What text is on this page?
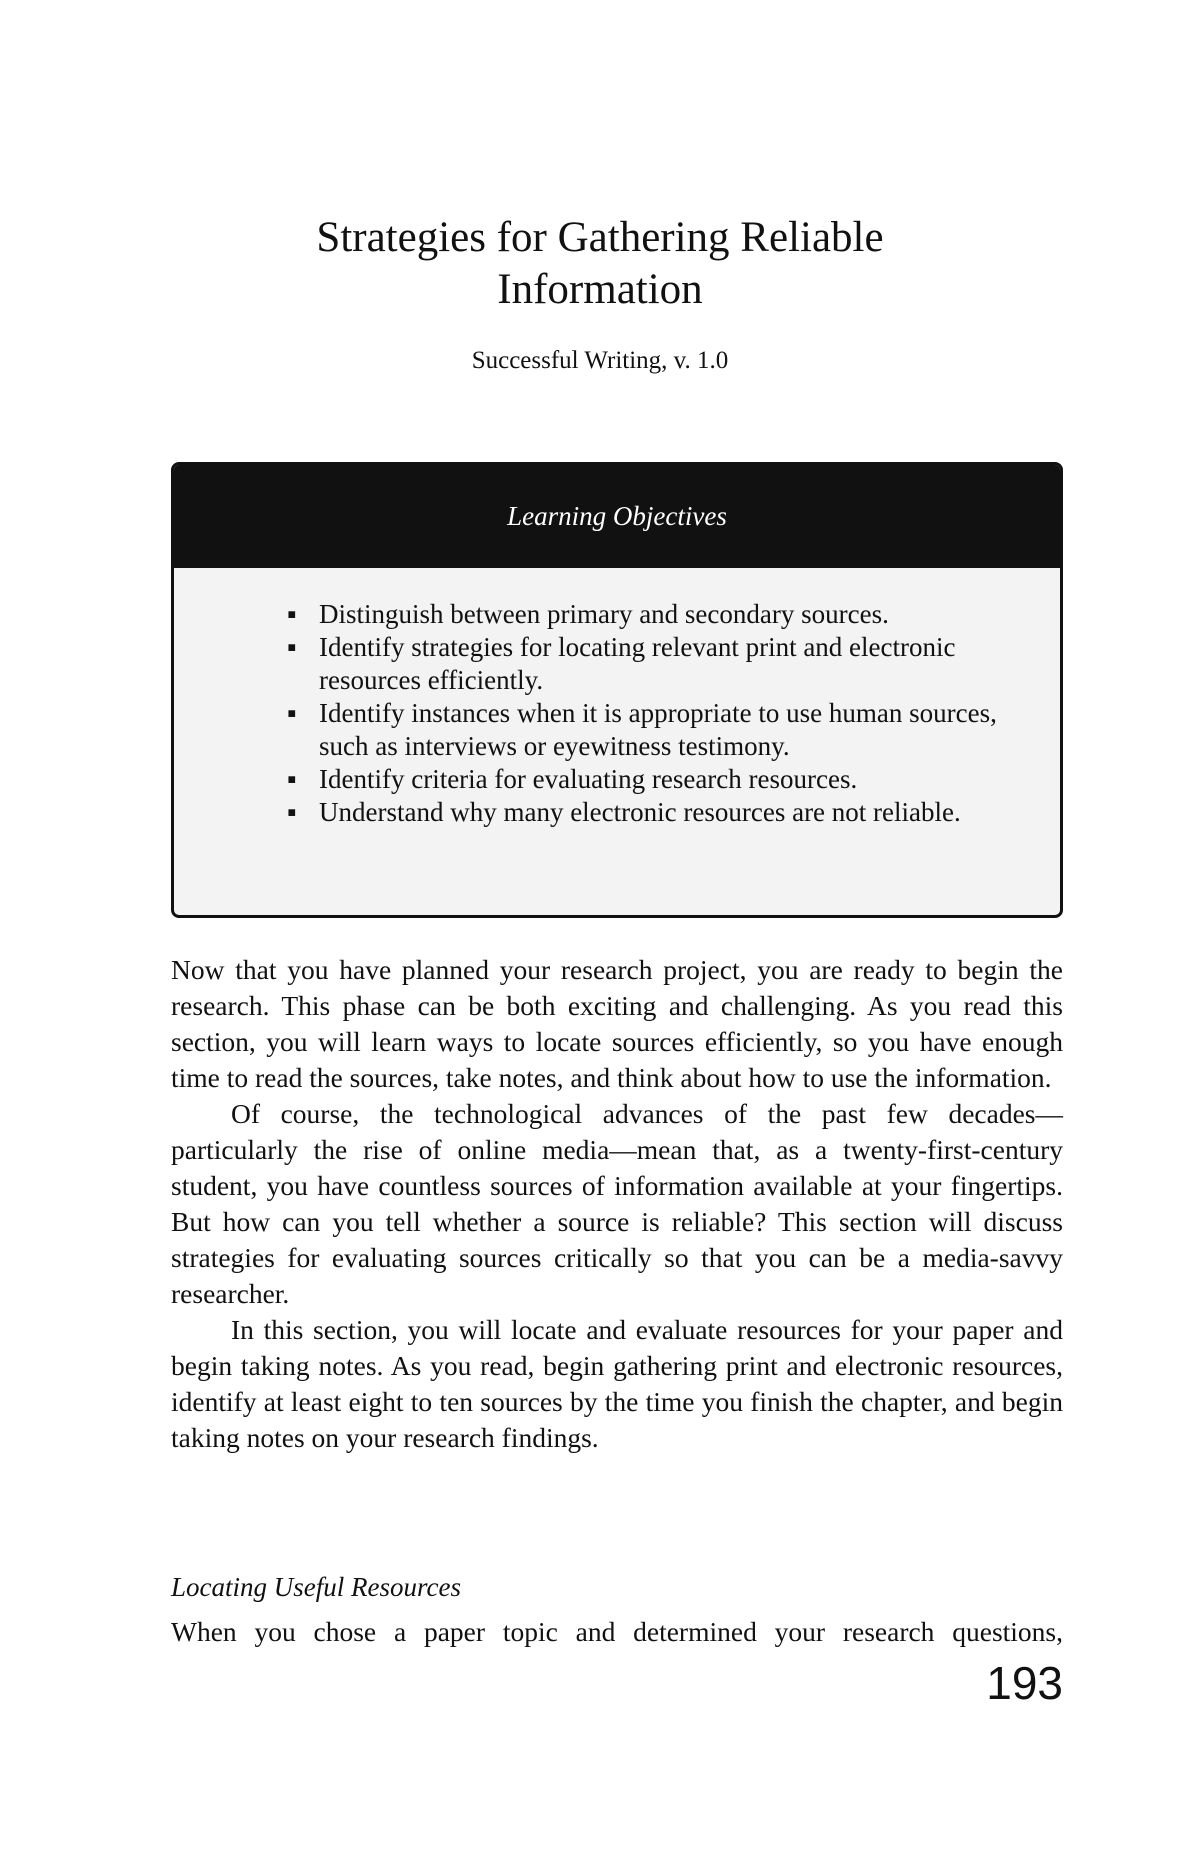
Strategies for Gathering Reliable
Information
Successful Writing, v. 1.0
Learning Objectives
▪ Distinguish between primary and secondary sources.
▪ Identify strategies for locating relevant print and electronic resources efficiently.
▪ Identify instances when it is appropriate to use human sources, such as interviews or eyewitness testimony.
▪ Identify criteria for evaluating research resources.
▪ Understand why many electronic resources are not reliable.

Now that you have planned your research project, you are ready to begin the research. This phase can be both exciting and challenging. As you read this section, you will learn ways to locate sources efficiently, so you have enough time to read the sources, take notes, and think about how to use the information.

Of course, the technological advances of the past few decades—particularly the rise of online media—mean that, as a twenty-first-century student, you have countless sources of information available at your fingertips. But how can you tell whether a source is reliable? This section will discuss strategies for evaluating sources critically so that you can be a media-savvy researcher.

In this section, you will locate and evaluate resources for your paper and begin taking notes. As you read, begin gathering print and electronic resources, identify at least eight to ten sources by the time you finish the chapter, and begin taking notes on your research findings.

Locating Useful Resources
When you chose a paper topic and determined your research questions,
193
